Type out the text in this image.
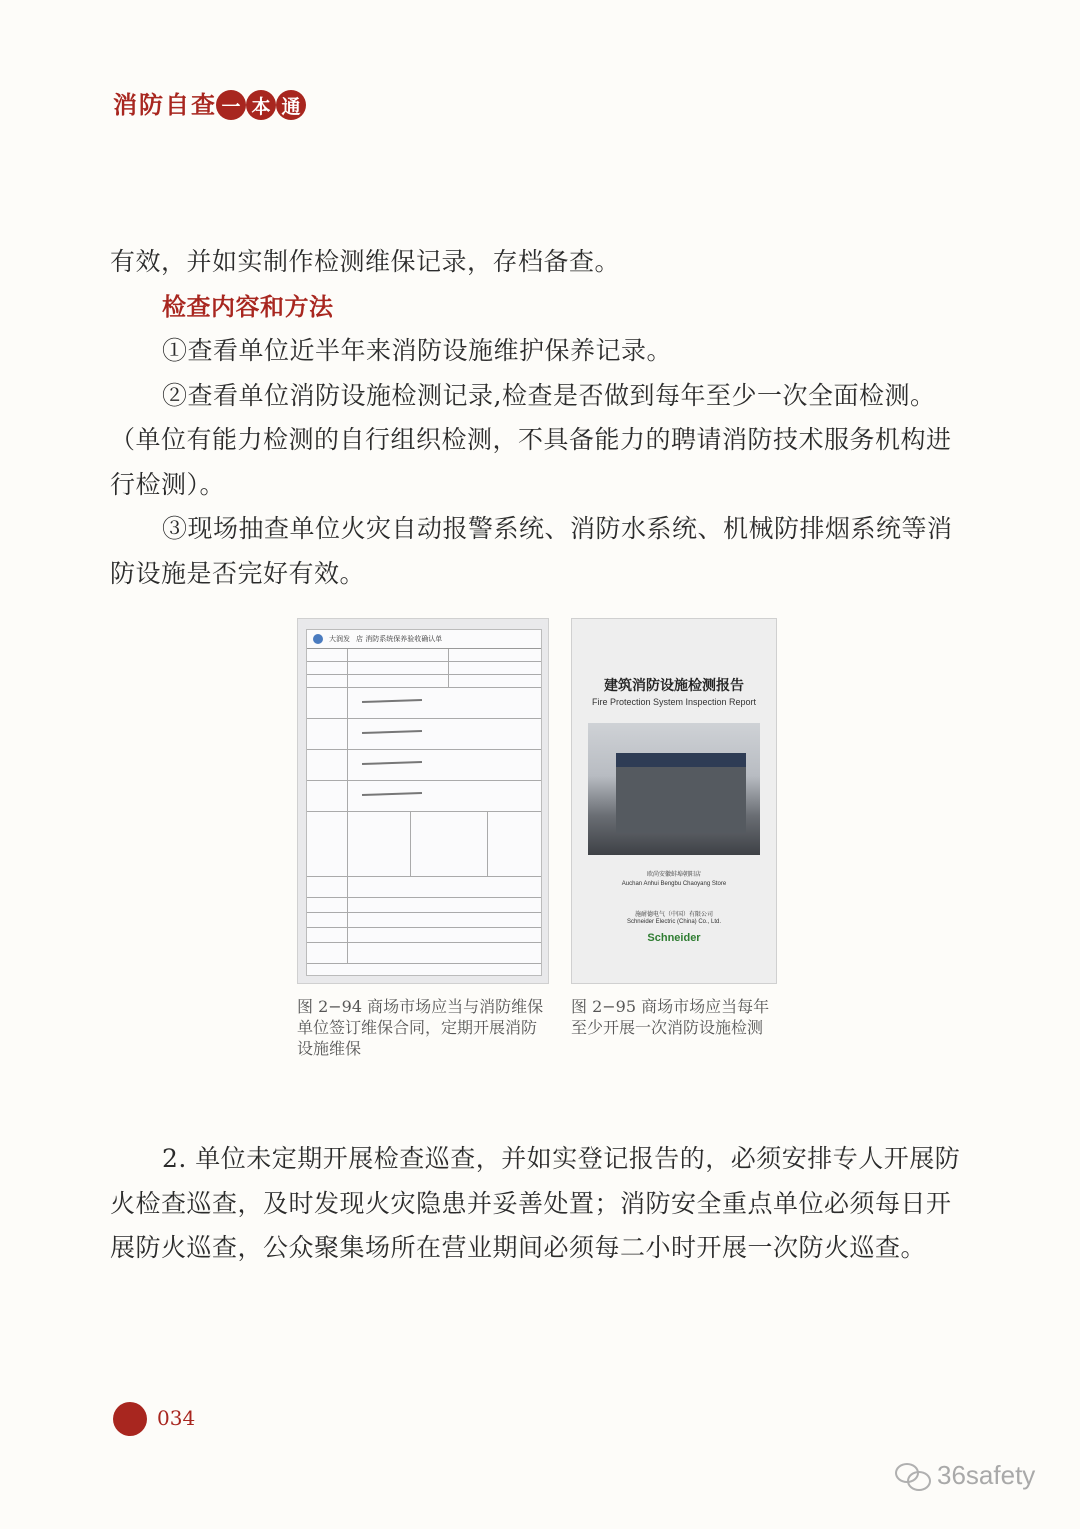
消 防 自 查 一 本 通

有效，并如实制作检测维保记录，存档备查。

检查内容和方法

①查看单位近半年来消防设施维护保养记录。

②查看单位消防设施检测记录,检查是否做到每年至少一次全面检测。（单位有能力检测的自行组织检测，不具备能力的聘请消防技术服务机构进行检测）。

③现场抽查单位火灾自动报警系统、消防水系统、机械防排烟系统等消防设施是否完好有效。

大润发 店 消防系统保养验收确认单
图 2−94 商场市场应当与消防维保单位签订维保合同，定期开展消防设施维保
建筑消防设施检测报告
Fire Protection System Inspection Report
欧尚安徽蚌埠朝阳店
Auchan Anhui Bengbu Chaoyang Store
施耐德电气（中国）有限公司
Schneider Electric (China) Co., Ltd.
Schneider
图 2−95 商场市场应当每年至少开展一次消防设施检测

2. 单位未定期开展检查巡查，并如实登记报告的，必须安排专人开展防火检查巡查，及时发现火灾隐患并妥善处置；消防安全重点单位必须每日开展防火巡查，公众聚集场所在营业期间必须每二小时开展一次防火巡查。

034
36safety
